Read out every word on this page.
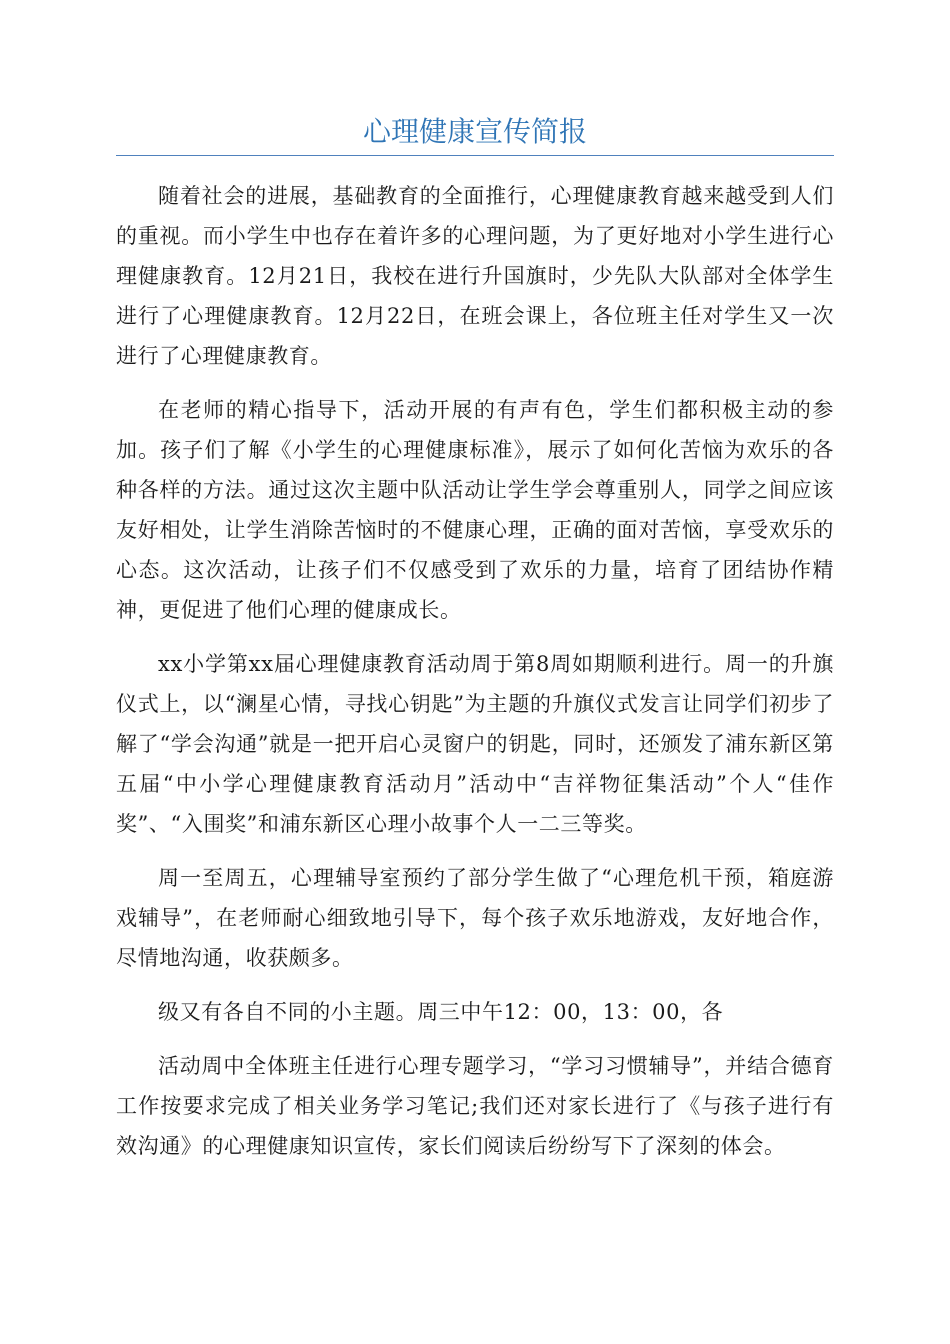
心理健康宣传简报

随着社会的进展，基础教育的全面推行，心理健康教育越来越受到人们的重视。而小学生中也存在着许多的心理问题，为了更好地对小学生进行心理健康教育。12月21日，我校在进行升国旗时，少先队大队部对全体学生进行了心理健康教育。12月22日，在班会课上，各位班主任对学生又一次进行了心理健康教育。

在老师的精心指导下，活动开展的有声有色，学生们都积极主动的参加。孩子们了解《小学生的心理健康标准》，展示了如何化苦恼为欢乐的各种各样的方法。通过这次主题中队活动让学生学会尊重别人，同学之间应该友好相处，让学生消除苦恼时的不健康心理，正确的面对苦恼，享受欢乐的心态。这次活动，让孩子们不仅感受到了欢乐的力量，培育了团结协作精神，更促进了他们心理的健康成长。

xx小学第xx届心理健康教育活动周于第8周如期顺利进行。周一的升旗仪式上，以“澜星心情，寻找心钥匙”为主题的升旗仪式发言让同学们初步了解了“学会沟通”就是一把开启心灵窗户的钥匙，同时，还颁发了浦东新区第五届“中小学心理健康教育活动月”活动中“吉祥物征集活动”个人“佳作奖”、“入围奖”和浦东新区心理小故事个人一二三等奖。

周一至周五，心理辅导室预约了部分学生做了“心理危机干预，箱庭游戏辅导”，在老师耐心细致地引导下，每个孩子欢乐地游戏，友好地合作，尽情地沟通，收获颇多。

级又有各自不同的小主题。周三中午12：00，13：00，各

活动周中全体班主任进行心理专题学习，“学习习惯辅导”，并结合德育工作按要求完成了相关业务学习笔记;我们还对家长进行了《与孩子进行有效沟通》的心理健康知识宣传，家长们阅读后纷纷写下了深刻的体会。
